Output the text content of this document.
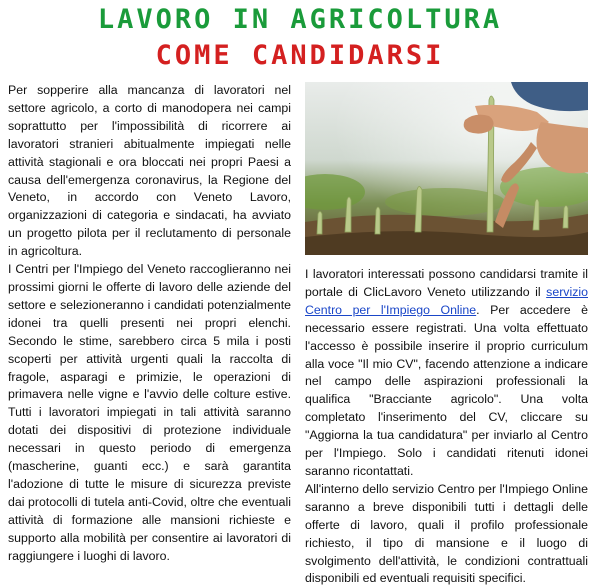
LAVORO IN AGRICOLTURA
COME CANDIDARSI

Per sopperire alla mancanza di lavoratori nel settore agricolo, a corto di manodopera nei campi soprattutto per l'impossibilità di ricorrere ai lavoratori stranieri abitualmente impiegati nelle attività stagionali e ora bloccati nei propri Paesi a causa dell'emergenza coronavirus, la Regione del Veneto, in accordo con Veneto Lavoro, organizzazioni di categoria e sindacati, ha avviato un progetto pilota per il reclutamento di personale in agricoltura.

I Centri per l'Impiego del Veneto raccoglieranno nei prossimi giorni le offerte di lavoro delle aziende del settore e selezioneranno i candidati potenzialmente idonei tra quelli presenti nei propri elenchi. Secondo le stime, sarebbero circa 5 mila i posti scoperti per attività urgenti quali la raccolta di fragole, asparagi e primizie, le operazioni di primavera nelle vigne e l'avvio delle colture estive. Tutti i lavoratori impiegati in tali attività saranno dotati dei dispositivi di protezione individuale necessari in questo periodo di emergenza (mascherine, guanti ecc.) e sarà garantita l'adozione di tutte le misure di sicurezza previste dai protocolli di tutela anti-Covid, oltre che eventuali attività di formazione alle mansioni richieste e supporto alla mobilità per consentire ai lavoratori di raggiungere i luoghi di lavoro.

I lavoratori interessati possono candidarsi tramite il portale di ClicLavoro Veneto utilizzando il servizio Centro per l'Impiego Online. Per accedere è necessario essere registrati. Una volta effettuato l'accesso è possibile inserire il proprio curriculum alla voce "Il mio CV", facendo attenzione a indicare nel campo delle aspirazioni professionali la qualifica "Bracciante agricolo". Una volta completato l'inserimento del CV, cliccare su "Aggiorna la tua candidatura" per inviarlo al Centro per l'Impiego. Solo i candidati ritenuti idonei saranno ricontattati.

All'interno dello servizio Centro per l'Impiego Online saranno a breve disponibili tutti i dettagli delle offerte di lavoro, quali il profilo professionale richiesto, il tipo di mansione e il luogo di svolgimento dell'attività, le condizioni contrattuali disponibili ed eventuali requisiti specifici.
